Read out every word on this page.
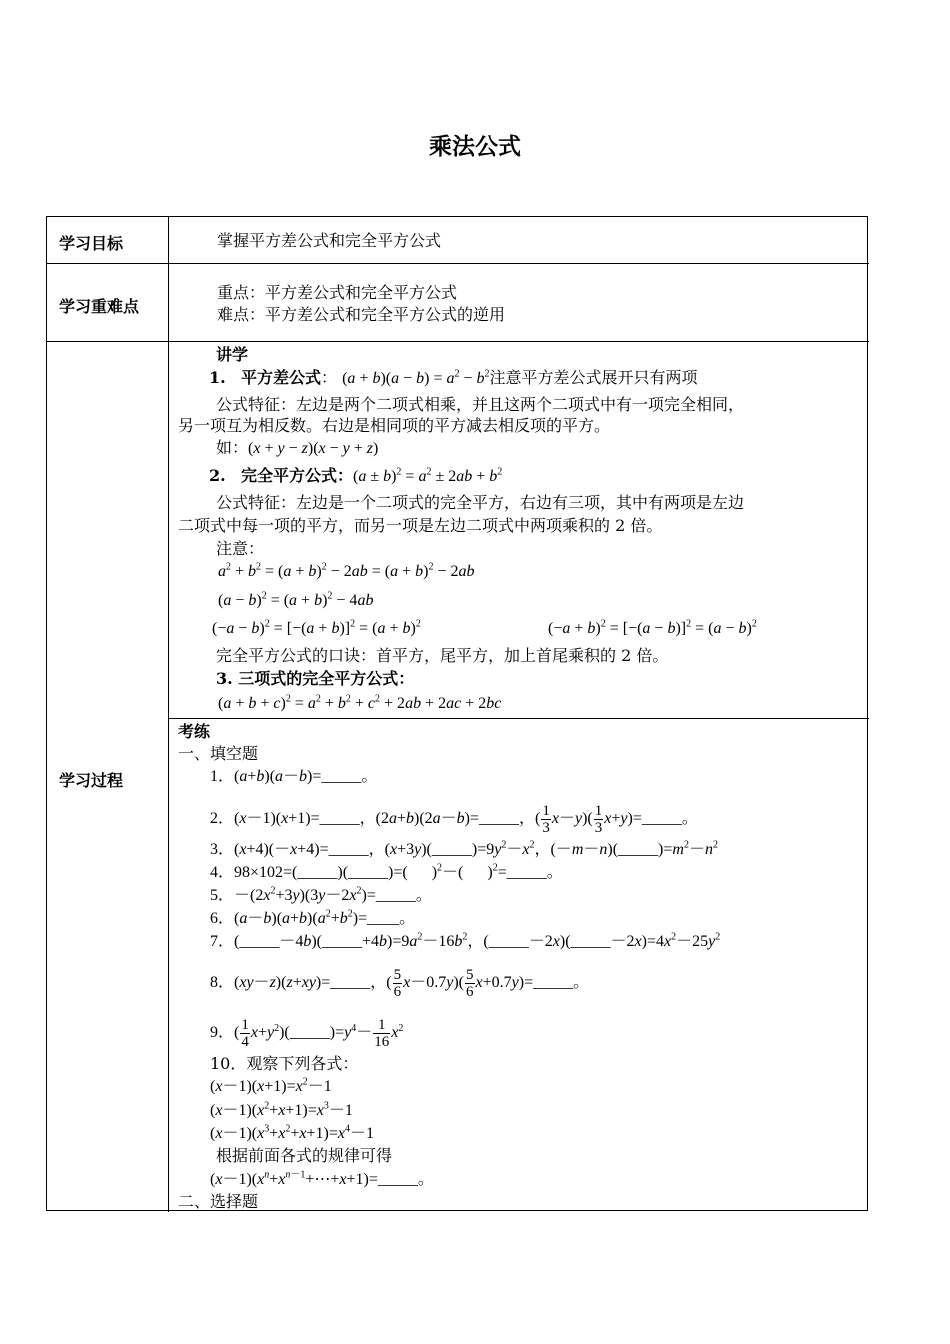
乘法公式
学习目标
学习重难点
学习过程
掌握平方差公式和完全平方公式
重点：平方差公式和完全平方公式
难点：平方差公式和完全平方公式的逆用
讲学
1. 平方差公式： $(a + b)(a - b) = a^2 - b^2$注意平方差公式展开只有两项
公式特征：左边是两个二项式相乘，并且这两个二项式中有一项完全相同，
另一项互为相反数。右边是相同项的平方减去相反项的平方。
如：(x + y − z)(x − y + z)
2. 完全平方公式：$(a \pm b)^2 = a^2 \pm 2ab + b^2$
公式特征：左边是一个二项式的完全平方，右边有三项，其中有两项是左边
二项式中每一项的平方，而另一项是左边二项式中两项乘积的 2 倍。
注意：
$a^2 + b^2 = (a + b)^2 - 2ab = (a + b)^2 - 2ab$
$(a - b)^2 = (a + b)^2 - 4ab$
$(-a - b)^2 = [-(a + b)]^2 = (a + b)^2$	$(-a + b)^2 = [-(a - b)]^2 = (a - b)^2$
完全平方公式的口诀：首平方，尾平方，加上首尾乘积的 2 倍。
3. 三项式的完全平方公式：
$(a + b + c)^2 = a^2 + b^2 + c^2 + 2ab + 2ac + 2bc$
考练
一、填空题
1．(a+b)(a－b)=_____。
2．(x－1)(x+1)=_____，(2a+b)(2a－b)=_____，( $\frac{1}{3} x-y)( \frac{1}{3}$ x+y)=_____。
3．(x+4)(－x+4)=_____，$(x+3y)(\_\_\_\_\_)=9y^2-x^2$，$(-m-n)(\_\_\_\_\_)=m^2-n^2$
4．98×102=(_____)(_____)=(      )$^2$－(      )$^2$=_____。
5．$-(2x^2+3y)(3y-2x^2)=\_\_\_\_\_$。
6．$(a-b)(a+b)(a^2+b^2)=\_\_\_\_$。
7．$(\_\_\_\_\_-4b)(\_\_\_\_\_+4b)=9a^2-16b^2$，$(\_\_\_\_\_-2x)(\_\_\_\_\_-2x)=4x^2-25y^2$
8．(xy－z)(z+xy)=_____，( $\frac{5}{6} x-0.7y)( \frac{5}{6}$ x+0.7y)=_____。
9．( $\frac{1}{4}$ $x+y^2)(\_\_\_\_\_)=y^4- \frac{1}{16} x^2$
10．观察下列各式：
$(x-1)(x+1)=x^2-1$
$(x-1)(x^2+x+1)=x^3-1$
$(x-1)(x^3+x^2+x+1)=x^4-1$
根据前面各式的规律可得
$(x-1)(x^n+x^{n-1}+\cdots+x+1)=\_\_\_\_\_$。
二、选择题
